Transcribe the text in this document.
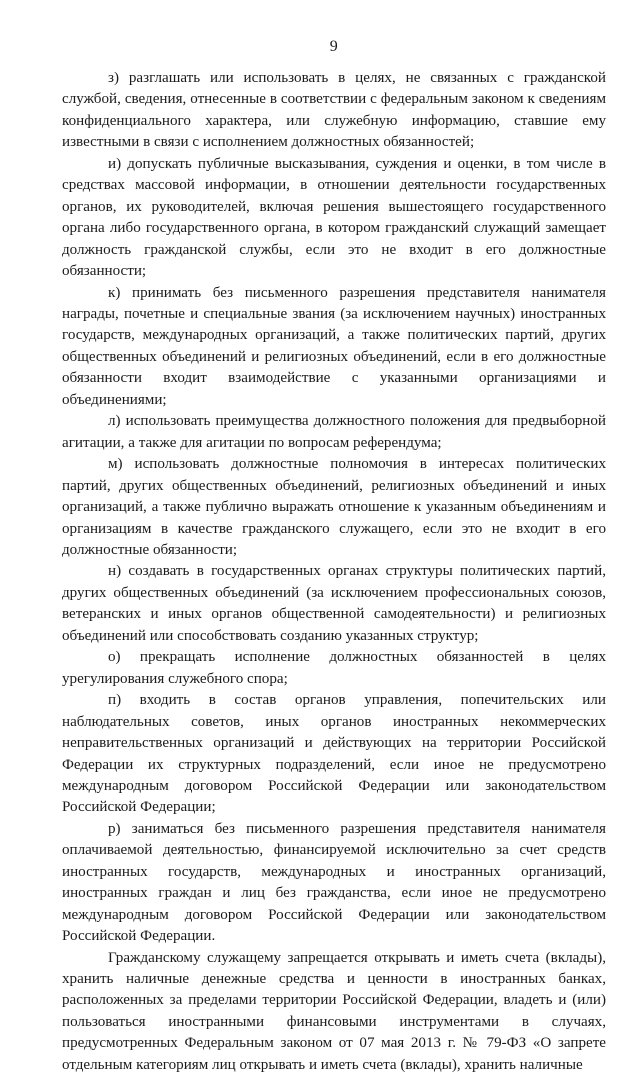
9

з) разглашать или использовать в целях, не связанных с гражданской службой, сведения, отнесенные в соответствии с федеральным законом к сведениям конфиденциального характера, или служебную информацию, ставшие ему известными в связи с исполнением должностных обязанностей;

и) допускать публичные высказывания, суждения и оценки, в том числе в средствах массовой информации, в отношении деятельности государственных органов, их руководителей, включая решения вышестоящего государственного органа либо государственного органа, в котором гражданский служащий замещает должность гражданской службы, если это не входит в его должностные обязанности;

к) принимать без письменного разрешения представителя нанимателя награды, почетные и специальные звания (за исключением научных) иностранных государств, международных организаций, а также политических партий, других общественных объединений и религиозных объединений, если в его должностные обязанности входит взаимодействие с указанными организациями и объединениями;

л) использовать преимущества должностного положения для предвыборной агитации, а также для агитации по вопросам референдума;

м) использовать должностные полномочия в интересах политических партий, других общественных объединений, религиозных объединений и иных организаций, а также публично выражать отношение к указанным объединениям и организациям в качестве гражданского служащего, если это не входит в его должностные обязанности;

н) создавать в государственных органах структуры политических партий, других общественных объединений (за исключением профессиональных союзов, ветеранских и иных органов общественной самодеятельности) и религиозных объединений или способствовать созданию указанных структур;

о) прекращать исполнение должностных обязанностей в целях урегулирования служебного спора;

п) входить в состав органов управления, попечительских или наблюдательных советов, иных органов иностранных некоммерческих неправительственных организаций и действующих на территории Российской Федерации их структурных подразделений, если иное не предусмотрено международным договором Российской Федерации или законодательством Российской Федерации;

р) заниматься без письменного разрешения представителя нанимателя оплачиваемой деятельностью, финансируемой исключительно за счет средств иностранных государств, международных и иностранных организаций, иностранных граждан и лиц без гражданства, если иное не предусмотрено международным договором Российской Федерации или законодательством Российской Федерации.

Гражданскому служащему запрещается открывать и иметь счета (вклады), хранить наличные денежные средства и ценности в иностранных банках, расположенных за пределами территории Российской Федерации, владеть и (или) пользоваться иностранными финансовыми инструментами в случаях, предусмотренных Федеральным законом от 07 мая 2013 г. № 79-ФЗ «О запрете отдельным категориям лиц открывать и иметь счета (вклады), хранить наличные
